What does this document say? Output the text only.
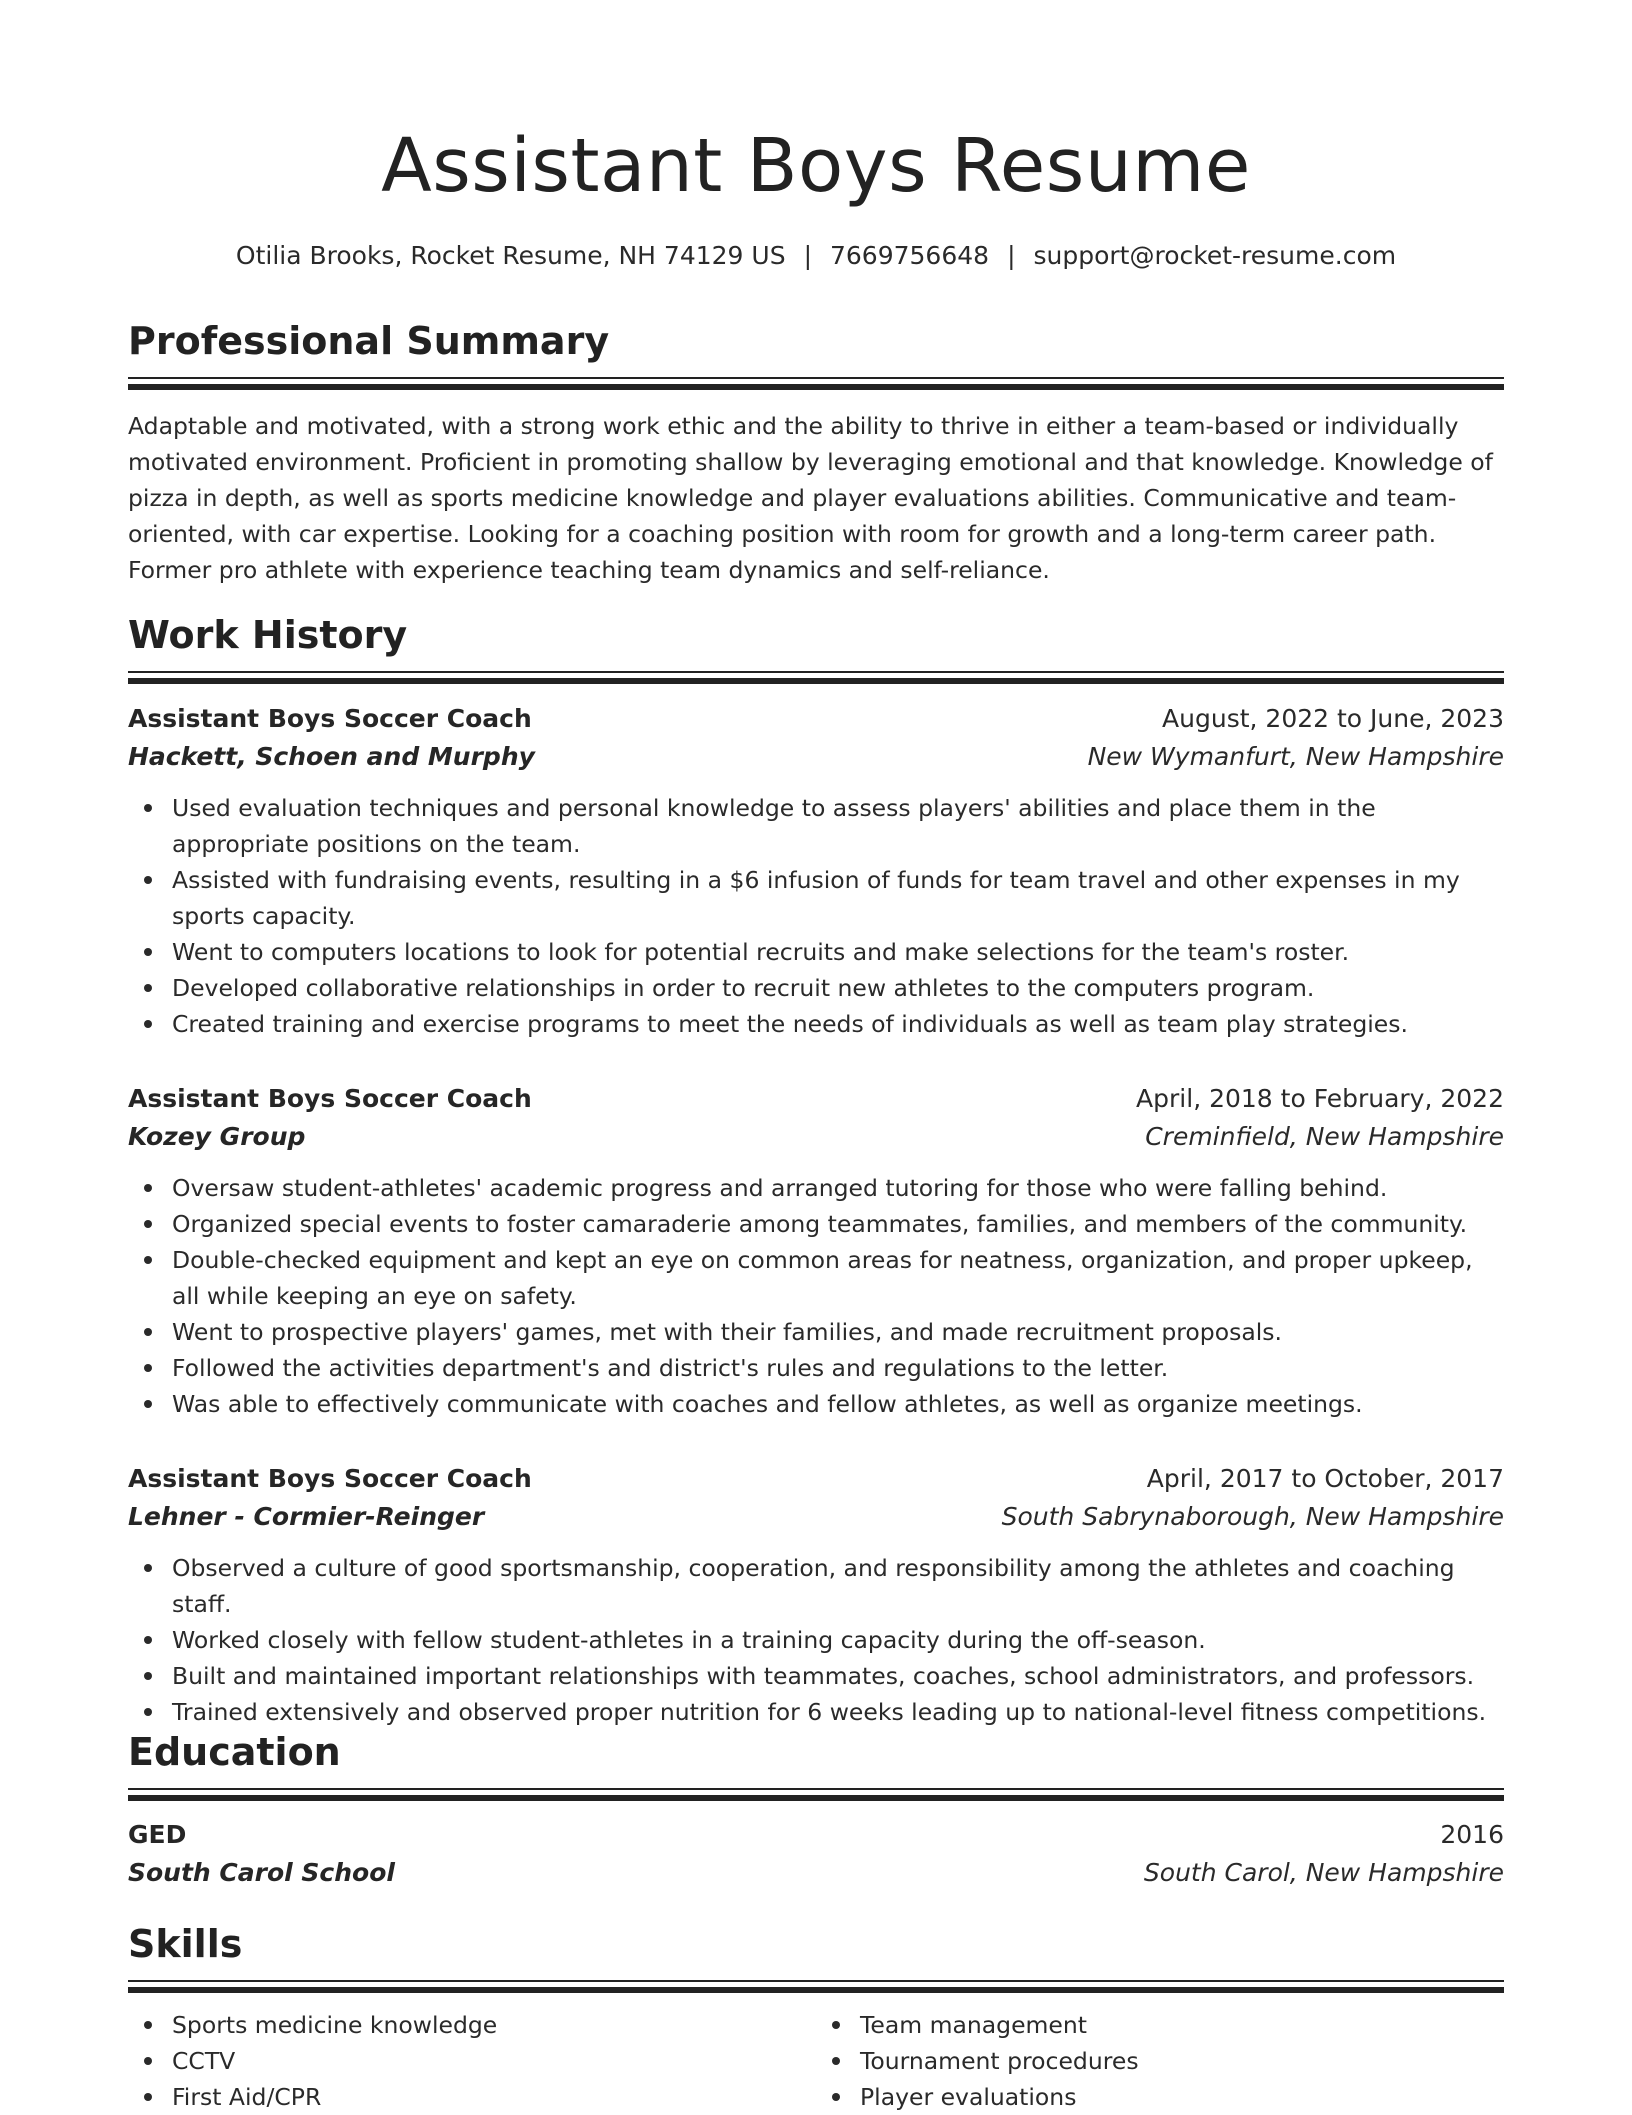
Assistant Boys Resume
Otilia Brooks, Rocket Resume, NH 74129 US | 7669756648 | support@rocket-resume.com
Professional Summary

Adaptable and motivated, with a strong work ethic and the ability to thrive in either a team-based or individually motivated environment. Proficient in promoting shallow by leveraging emotional and that knowledge. Knowledge of pizza in depth, as well as sports medicine knowledge and player evaluations abilities. Communicative and team-oriented, with car expertise. Looking for a coaching position with room for growth and a long-term career path. Former pro athlete with experience teaching team dynamics and self-reliance.

Work History
Assistant Boys Soccer Coach	August, 2022 to June, 2023
Hackett, Schoen and Murphy	New Wymanfurt, New Hampshire
Used evaluation techniques and personal knowledge to assess players' abilities and place them in the appropriate positions on the team.
Assisted with fundraising events, resulting in a $6 infusion of funds for team travel and other expenses in my sports capacity.
Went to computers locations to look for potential recruits and make selections for the team's roster.
Developed collaborative relationships in order to recruit new athletes to the computers program.
Created training and exercise programs to meet the needs of individuals as well as team play strategies.
Assistant Boys Soccer Coach	April, 2018 to February, 2022
Kozey Group	Creminfield, New Hampshire
Oversaw student-athletes' academic progress and arranged tutoring for those who were falling behind.
Organized special events to foster camaraderie among teammates, families, and members of the community.
Double-checked equipment and kept an eye on common areas for neatness, organization, and proper upkeep, all while keeping an eye on safety.
Went to prospective players' games, met with their families, and made recruitment proposals.
Followed the activities department's and district's rules and regulations to the letter.
Was able to effectively communicate with coaches and fellow athletes, as well as organize meetings.
Assistant Boys Soccer Coach	April, 2017 to October, 2017
Lehner - Cormier-Reinger	South Sabrynaborough, New Hampshire
Observed a culture of good sportsmanship, cooperation, and responsibility among the athletes and coaching staff.
Worked closely with fellow student-athletes in a training capacity during the off-season.
Built and maintained important relationships with teammates, coaches, school administrators, and professors.
Trained extensively and observed proper nutrition for 6 weeks leading up to national-level fitness competitions.
Education
GED	2016
South Carol School	South Carol, New Hampshire
Skills
Sports medicine knowledge
CCTV
First Aid/CPR
Team management
Tournament procedures
Player evaluations
